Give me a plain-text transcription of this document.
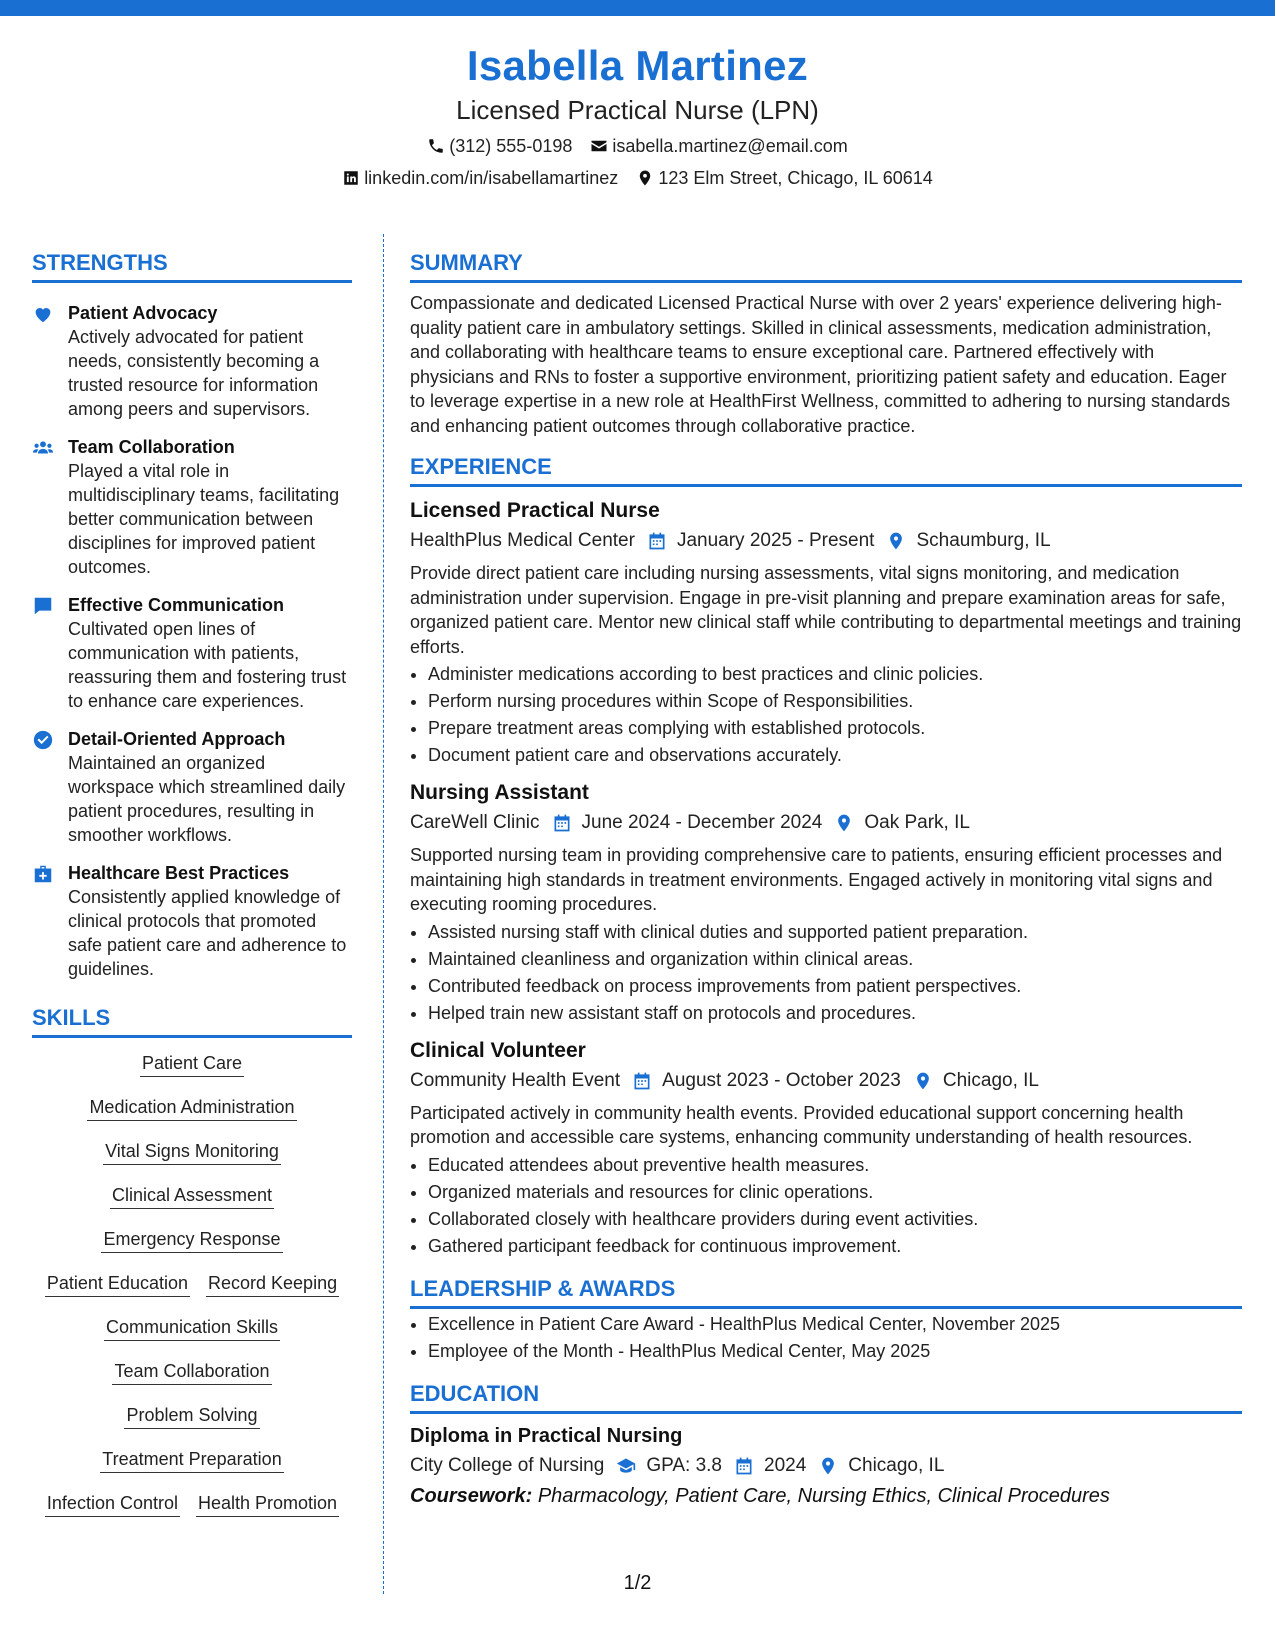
Isabella Martinez
Licensed Practical Nurse (LPN)
(312) 555-0198 isabella.martinez@email.com
linkedin.com/in/isabellamartinez 123 Elm Street, Chicago, IL 60614
STRENGTHS
Patient Advocacy
Actively advocated for patient needs, consistently becoming a trusted resource for information among peers and supervisors.
Team Collaboration
Played a vital role in multidisciplinary teams, facilitating better communication between disciplines for improved patient outcomes.
Effective Communication
Cultivated open lines of communication with patients, reassuring them and fostering trust to enhance care experiences.
Detail-Oriented Approach
Maintained an organized workspace which streamlined daily patient procedures, resulting in smoother workflows.
Healthcare Best Practices
Consistently applied knowledge of clinical protocols that promoted safe patient care and adherence to guidelines.
SKILLS
Patient Care
Medication Administration
Vital Signs Monitoring
Clinical Assessment
Emergency Response
Patient Education Record Keeping
Communication Skills
Team Collaboration
Problem Solving
Treatment Preparation
Infection Control Health Promotion
SUMMARY
Compassionate and dedicated Licensed Practical Nurse with over 2 years' experience delivering high-quality patient care in ambulatory settings. Skilled in clinical assessments, medication administration, and collaborating with healthcare teams to ensure exceptional care. Partnered effectively with physicians and RNs to foster a supportive environment, prioritizing patient safety and education. Eager to leverage expertise in a new role at HealthFirst Wellness, committed to adhering to nursing standards and enhancing patient outcomes through collaborative practice.
EXPERIENCE
Licensed Practical Nurse
HealthPlus Medical Center January 2025 - Present Schaumburg, IL
Provide direct patient care including nursing assessments, vital signs monitoring, and medication administration under supervision. Engage in pre-visit planning and prepare examination areas for safe, organized patient care. Mentor new clinical staff while contributing to departmental meetings and training efforts.
• Administer medications according to best practices and clinic policies.
• Perform nursing procedures within Scope of Responsibilities.
• Prepare treatment areas complying with established protocols.
• Document patient care and observations accurately.
Nursing Assistant
CareWell Clinic June 2024 - December 2024 Oak Park, IL
Supported nursing team in providing comprehensive care to patients, ensuring efficient processes and maintaining high standards in treatment environments. Engaged actively in monitoring vital signs and executing rooming procedures.
• Assisted nursing staff with clinical duties and supported patient preparation.
• Maintained cleanliness and organization within clinical areas.
• Contributed feedback on process improvements from patient perspectives.
• Helped train new assistant staff on protocols and procedures.
Clinical Volunteer
Community Health Event August 2023 - October 2023 Chicago, IL
Participated actively in community health events. Provided educational support concerning health promotion and accessible care systems, enhancing community understanding of health resources.
• Educated attendees about preventive health measures.
• Organized materials and resources for clinic operations.
• Collaborated closely with healthcare providers during event activities.
• Gathered participant feedback for continuous improvement.
LEADERSHIP & AWARDS
• Excellence in Patient Care Award - HealthPlus Medical Center, November 2025
• Employee of the Month - HealthPlus Medical Center, May 2025
EDUCATION
Diploma in Practical Nursing
City College of Nursing GPA: 3.8 2024 Chicago, IL
Coursework: Pharmacology, Patient Care, Nursing Ethics, Clinical Procedures
1/2
